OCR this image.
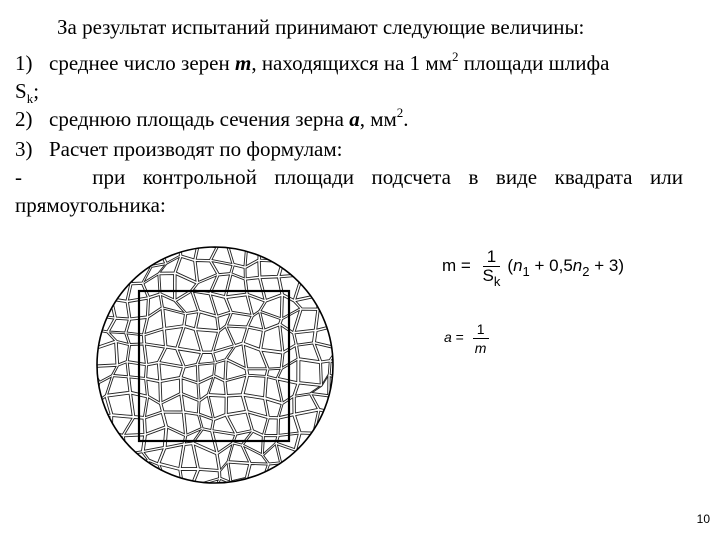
За результат испытаний принимают следующие величины:
1) среднее число зерен m, находящихся на 1 $мм^2$ площади шлифа
$S_k$;
2) среднюю площадь сечения зерна a, $мм^2$.
3) Расчет производят по формулам:
-	при контрольной площади подсчета в виде квадрата или
прямоугольника:
$m = \frac{1}{S_k} (n_1 + 0,5n_2 + 3)$
$a = \frac{1}{m}$
10
